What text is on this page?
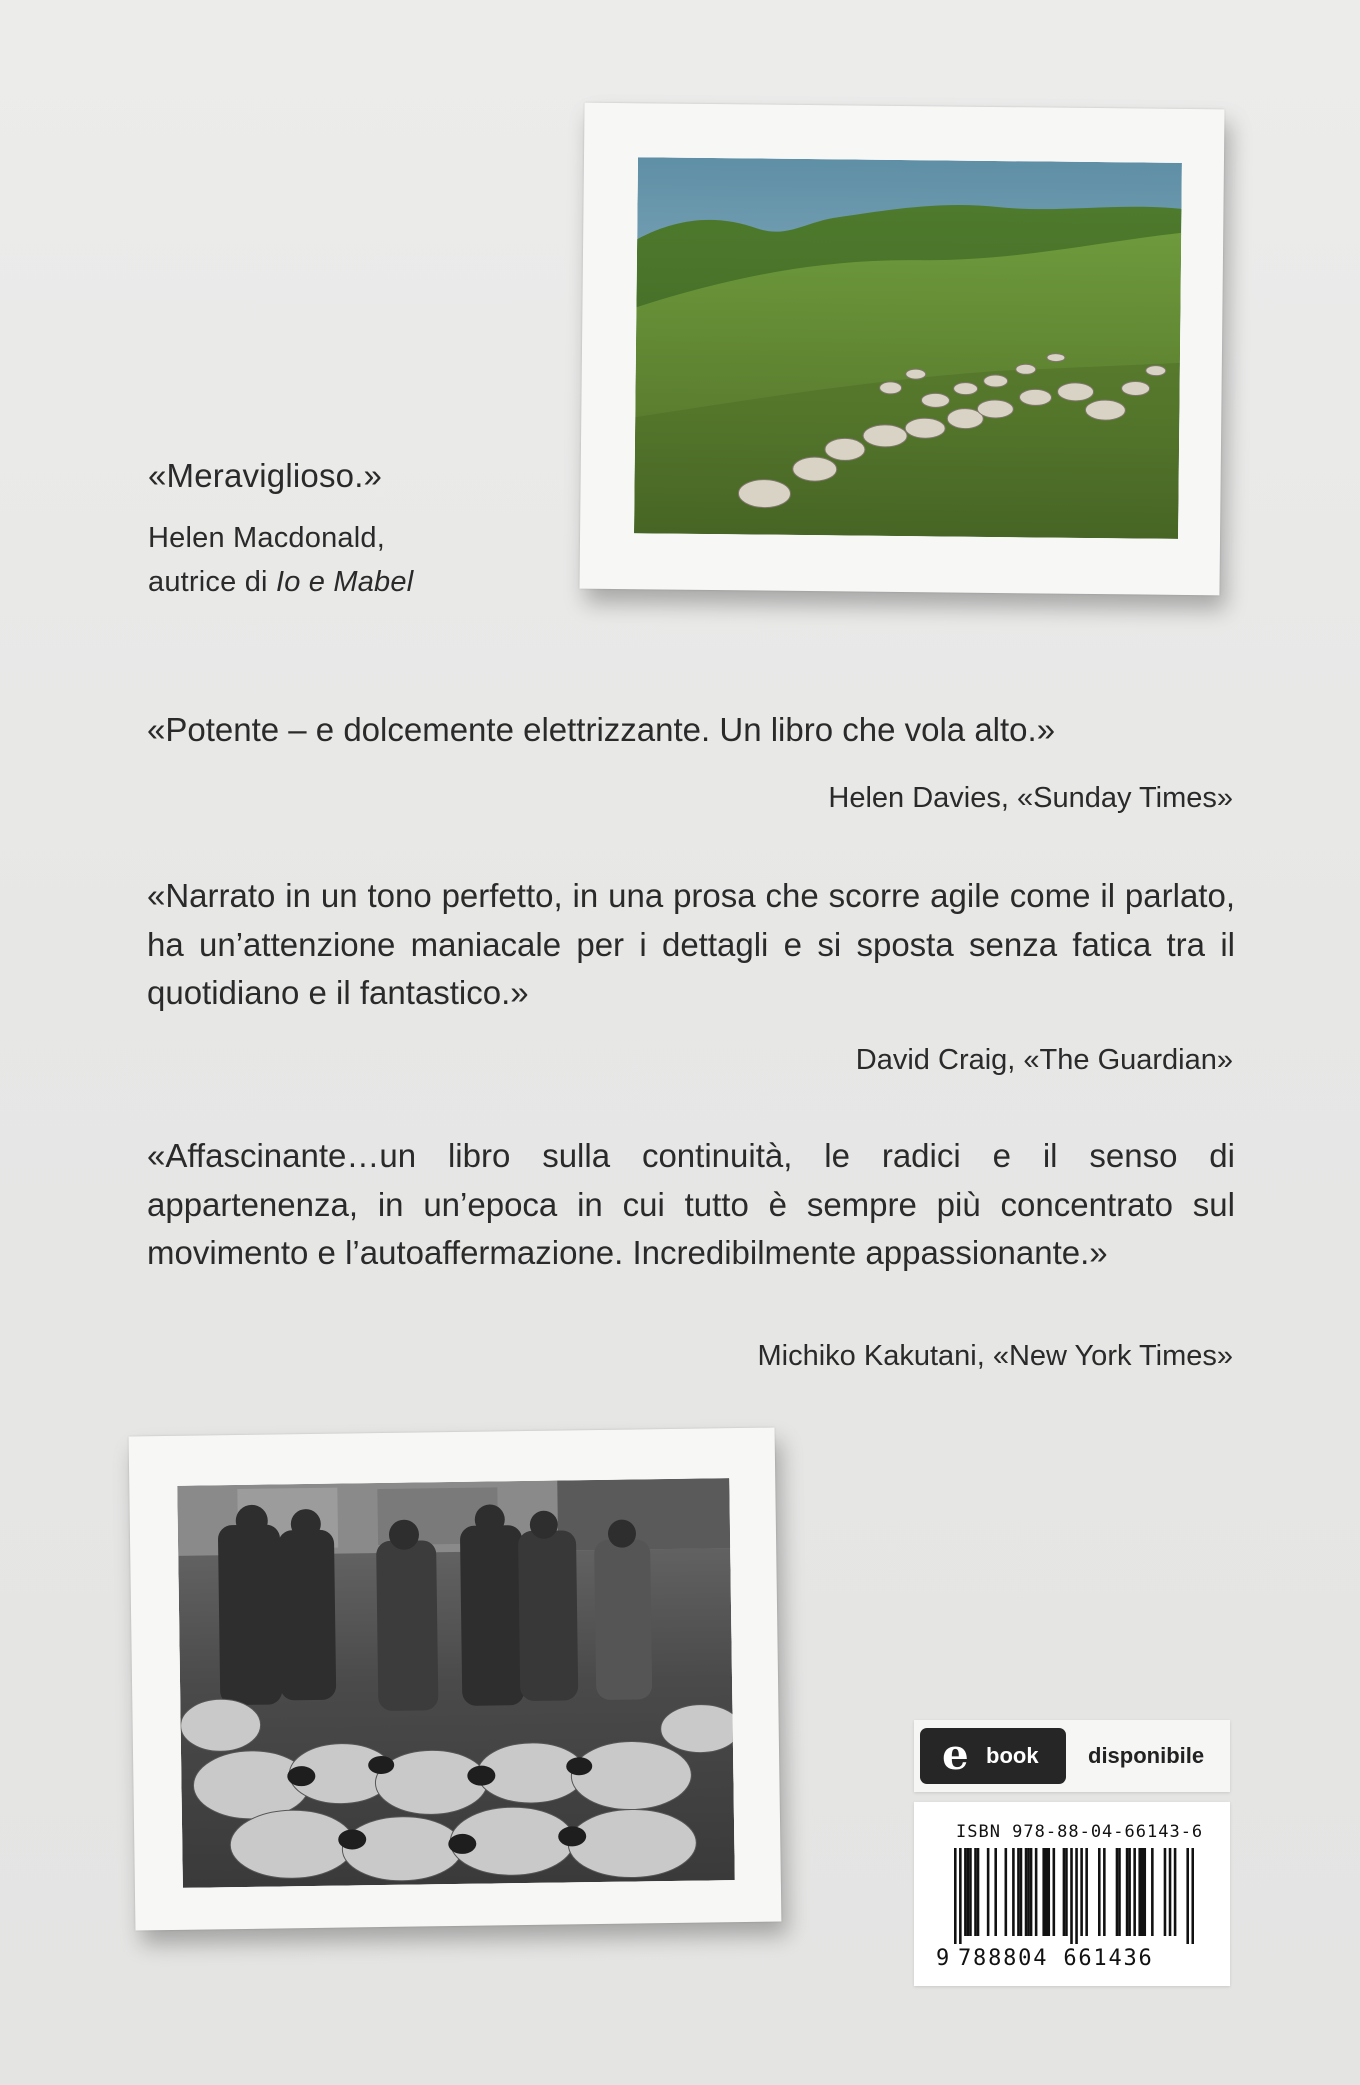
«Meraviglioso.»
Helen Macdonald,
autrice di Io e Mabel
«Potente – e dolcemente elettrizzante. Un libro che vola alto.»
Helen Davies, «Sunday Times»
«Narrato in un tono perfetto, in una prosa che scorre agile come il parlato, ha un’attenzione maniacale per i dettagli e si sposta senza fatica tra il quotidiano e il fantastico.»
David Craig, «The Guardian»
«Affascinante…un libro sulla continuità, le radici e il senso di appartenenza, in un’epoca in cui tutto è sempre più concentrato sul movimento e l’autoaffermazione. Incredibilmente appassionante.»
Michiko Kakutani, «New York Times»
e book disponibile
ISBN 978-88-04-66143-6
9 788804 661436
